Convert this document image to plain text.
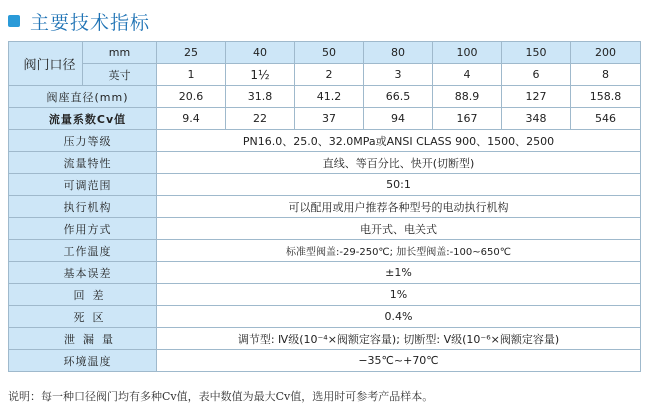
主要技术指标
阀门口径	mm	25	40	50	80	100	150	200
	英寸	1	1½	2	3	4	6	8
阀座直径(mm)		20.6	31.8	41.2	66.5	88.9	127	158.8
流量系数Cv值		9.4	22	37	94	167	348	546
压力等级		PN16.0、25.0、32.0MPa或ANSI CLASS 900、1500、2500						
流量特性		直线、等百分比、快开(切断型)						
可调范围		50:1						
执行机构		可以配用或用户推荐各种型号的电动执行机构						
作用方式		电开式、电关式						
工作温度		标准型阀盖:-29-250℃; 加长型阀盖:-100~650℃						
基本误差		±1%						
回差		1%						
死区		0.4%						
泄漏量		调节型: Ⅳ级(10⁻⁴×阀额定容量); 切断型: Ⅴ级(10⁻⁶×阀额定容量)						
环境温度		−35℃~+70℃						
说明：每一种口径阀门均有多种Cv值，表中数值为最大Cv值，选用时可参考产品样本。
